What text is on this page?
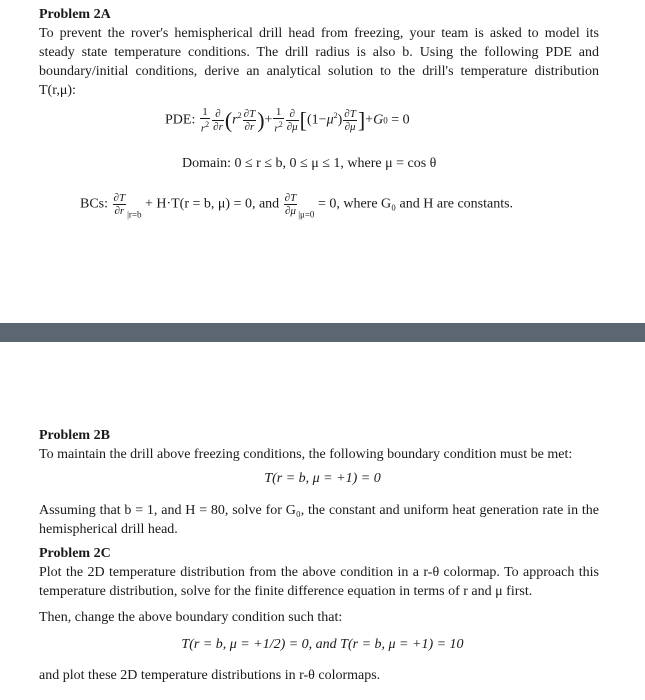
Problem 2A
To prevent the rover's hemispherical drill head from freezing, your team is asked to model its steady state temperature conditions. The drill radius is also b. Using the following PDE and boundary/initial conditions, derive an analytical solution to the drill's temperature distribution T(r,μ):
PDE: $\frac{1}{r^2} \frac{\partial}{\partial r} (r^2 \frac{\partial T}{\partial r}$ )+ $\frac{1}{r^2} \frac{\partial}{\partial\mu} [(1-\mu^2) \frac{\partial T}{\partial\mu} ]+G0 = 0$
Domain: 0 ≤ r ≤ b, 0 ≤ μ ≤ 1, where μ = cos θ
BCs: $\frac{\partial T}{\partial r} _{|r=b} + H\cdot T(r = b$, μ) = 0, and $\frac{\partial T}{\partial\mu} _{|\mu=0} = 0$, where G₀ and H are constants.
Problem 2B
To maintain the drill above freezing conditions, the following boundary condition must be met:
T(r = b, μ = +1) = 0
Assuming that b = 1, and H = 80, solve for G₀, the constant and uniform heat generation rate in the hemispherical drill head.
Problem 2C
Plot the 2D temperature distribution from the above condition in a r-θ colormap. To approach this temperature distribution, solve for the finite difference equation in terms of r and μ first.
Then, change the above boundary condition such that:
T(r = b, μ = +1/2) = 0, and T(r = b, μ = +1) = 10
and plot these 2D temperature distributions in r-θ colormaps.
